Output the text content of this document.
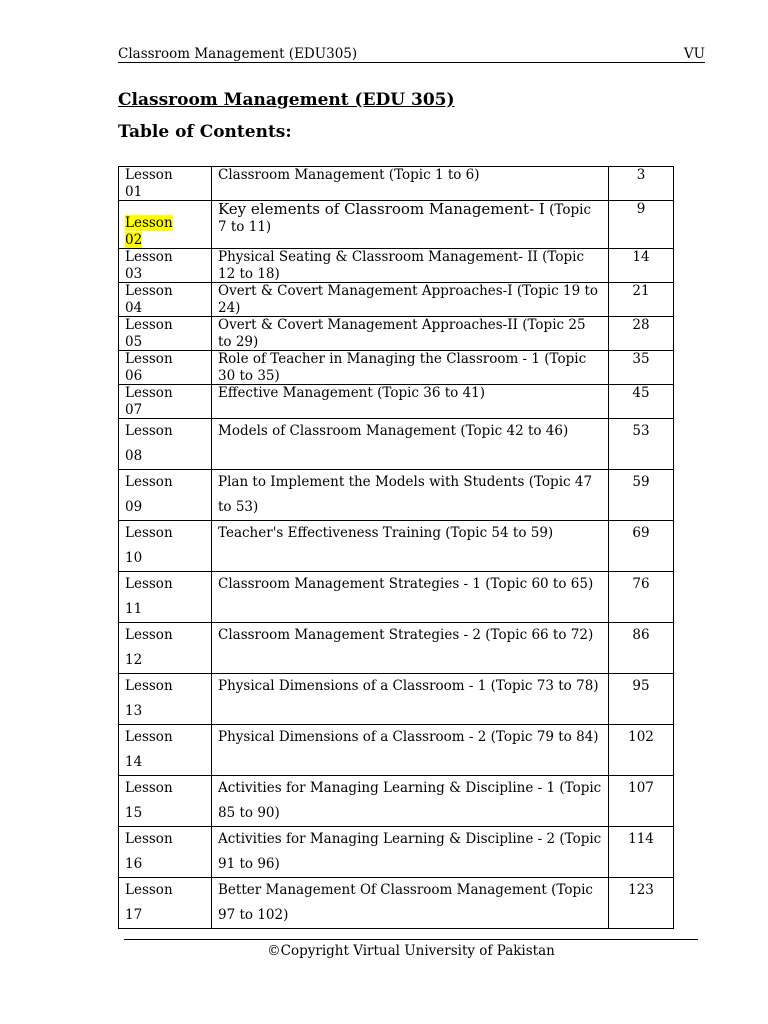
Classroom Management (EDU305)	VU
Classroom Management (EDU 305)
Table of Contents:
Lesson
01	Classroom Management (Topic 1 to 6)	3
Lesson
02	Key elements of Classroom Management- I (Topic 7 to 11)	9
Lesson
03	Physical Seating & Classroom Management- II (Topic 12 to 18)	14
Lesson
04	Overt & Covert Management Approaches-I (Topic 19 to 24)	21
Lesson
05	Overt & Covert Management Approaches-II (Topic 25 to 29)	28
Lesson
06	Role of Teacher in Managing the Classroom - 1 (Topic 30 to 35)	35
Lesson
07	Effective Management (Topic 36 to 41)	45
Lesson
08	Models of Classroom Management (Topic 42 to 46)	53
Lesson
09	Plan to Implement the Models with Students (Topic 47 to 53)	59
Lesson
10	Teacher's Effectiveness Training (Topic 54 to 59)	69
Lesson
11	Classroom Management Strategies - 1 (Topic 60 to 65)	76
Lesson
12	Classroom Management Strategies - 2 (Topic 66 to 72)	86
Lesson
13	Physical Dimensions of a Classroom - 1 (Topic 73 to 78)	95
Lesson
14	Physical Dimensions of a Classroom - 2 (Topic 79 to 84)	102
Lesson
15	Activities for Managing Learning & Discipline - 1 (Topic 85 to 90)	107
Lesson
16	Activities for Managing Learning & Discipline - 2 (Topic 91 to 96)	114
Lesson
17	Better Management Of Classroom Management (Topic 97 to 102)	123
©Copyright Virtual University of Pakistan
